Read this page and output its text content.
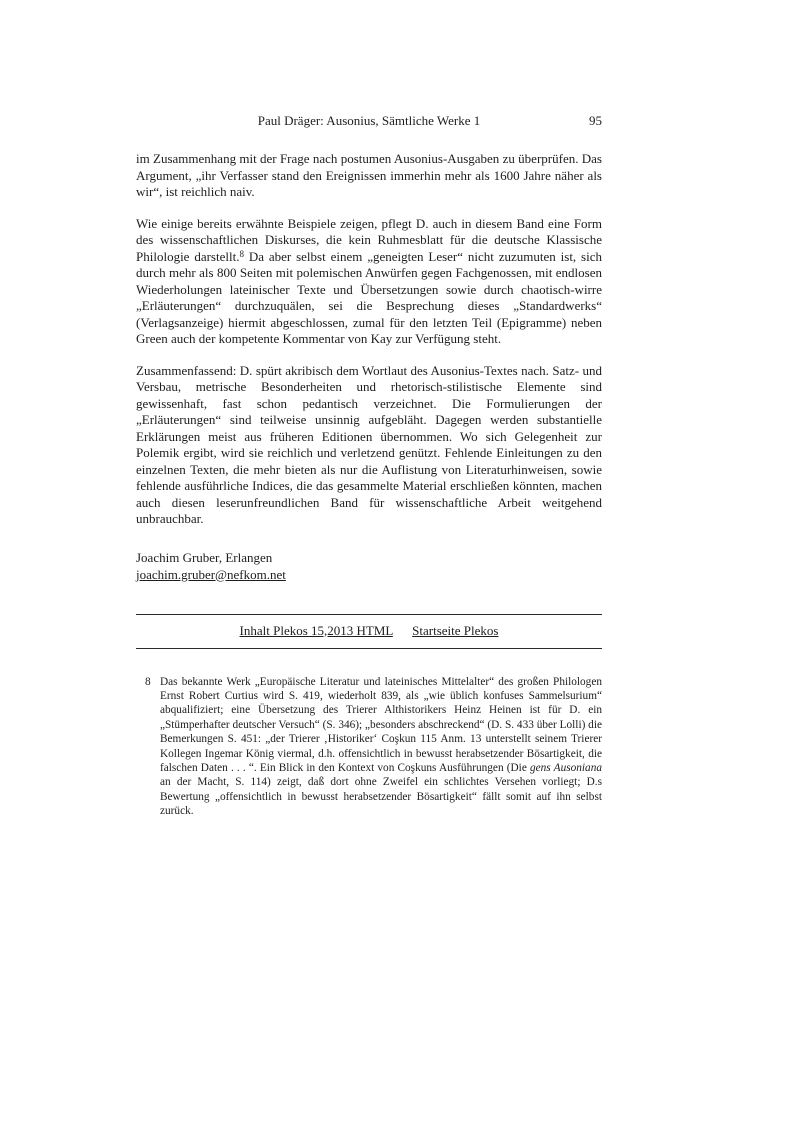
Paul Dräger: Ausonius, Sämtliche Werke 1	95

im Zusammenhang mit der Frage nach postumen Ausonius-Ausgaben zu überprüfen. Das Argument, „ihr Verfasser stand den Ereignissen immerhin mehr als 1600 Jahre näher als wir“, ist reichlich naiv.

Wie einige bereits erwähnte Beispiele zeigen, pflegt D. auch in diesem Band eine Form des wissenschaftlichen Diskurses, die kein Ruhmesblatt für die deutsche Klassische Philologie darstellt.$^8$ Da aber selbst einem „geneigten Leser“ nicht zuzumuten ist, sich durch mehr als 800 Seiten mit polemischen Anwürfen gegen Fachgenossen, mit endlosen Wiederholungen lateinischer Texte und Übersetzungen sowie durch chaotisch-wirre „Erläuterungen“ durchzuquälen, sei die Besprechung dieses „Standardwerks“ (Verlagsanzeige) hiermit abgeschlossen, zumal für den letzten Teil (Epigramme) neben Green auch der kompetente Kommentar von Kay zur Verfügung steht.

Zusammenfassend: D. spürt akribisch dem Wortlaut des Ausonius-Textes nach. Satz- und Versbau, metrische Besonderheiten und rhetorisch-stilistische Elemente sind gewissenhaft, fast schon pedantisch verzeichnet. Die Formulierungen der „Erläuterungen“ sind teilweise unsinnig aufgebläht. Dagegen werden substantielle Erklärungen meist aus früheren Editionen übernommen. Wo sich Gelegenheit zur Polemik ergibt, wird sie reichlich und verletzend genützt. Fehlende Einleitungen zu den einzelnen Texten, die mehr bieten als nur die Auflistung von Literaturhinweisen, sowie fehlende ausführliche Indices, die das gesammelte Material erschließen könnten, machen auch diesen leserunfreundlichen Band für wissenschaftliche Arbeit weitgehend unbrauchbar.

Joachim Gruber, Erlangen
joachim.gruber@nefkom.net
Inhalt Plekos 15,2013 HTML Startseite Plekos
8 Das bekannte Werk „Europäische Literatur und lateinisches Mittelalter“ des großen Philologen Ernst Robert Curtius wird S. 419, wiederholt 839, als „wie üblich konfuses Sammelsurium“ abqualifiziert; eine Übersetzung des Trierer Althistorikers Heinz Heinen ist für D. ein „Stümperhafter deutscher Versuch“ (S. 346); „besonders abschreckend“ (D. S. 433 über Lolli) die Bemerkungen S. 451: „der Trierer ‚Historiker‘ Coşkun 115 Anm. 13 unterstellt seinem Trierer Kollegen Ingemar König viermal, d.h. offensichtlich in bewusst herabsetzender Bösartigkeit, die falschen Daten . . . “. Ein Blick in den Kontext von Coşkuns Ausführungen (Die gens Ausoniana an der Macht, S. 114) zeigt, daß dort ohne Zweifel ein schlichtes Versehen vorliegt; D.s Bewertung „offensichtlich in bewusst herabsetzender Bösartigkeit“ fällt somit auf ihn selbst zurück.
